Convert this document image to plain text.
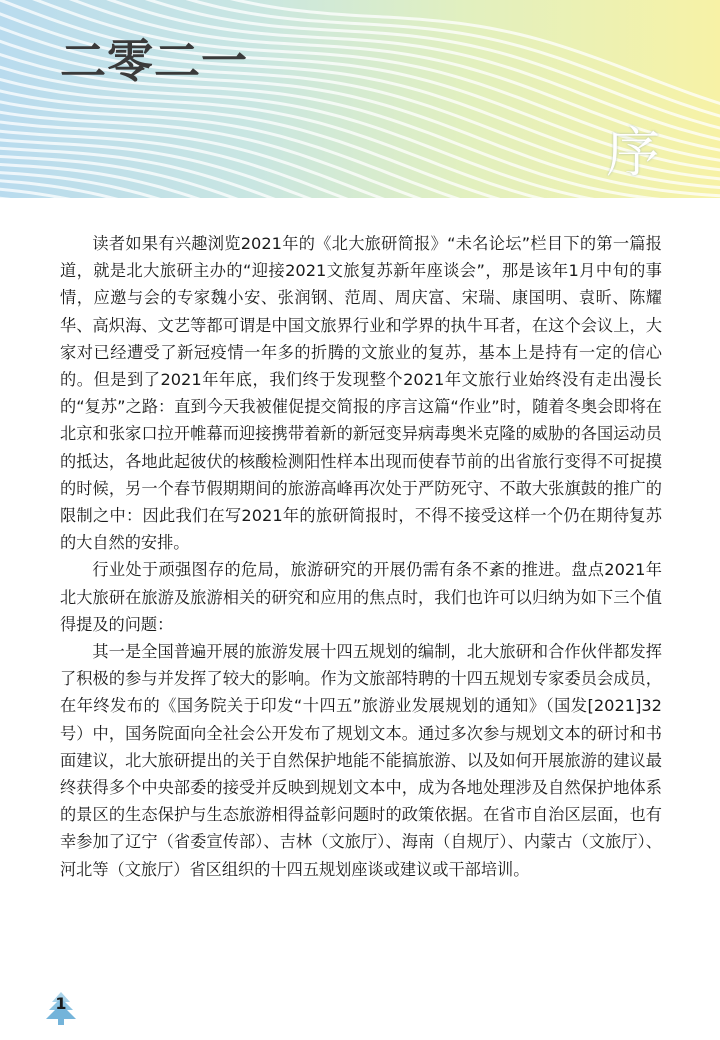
二零二一
序

读者如果有兴趣浏览2021年的《北大旅研简报》“未名论坛”栏目下的第一篇报道，就是北大旅研主办的“迎接2021文旅复苏新年座谈会”，那是该年1月中旬的事情，应邀与会的专家魏小安、张润钢、范周、周庆富、宋瑞、康国明、袁昕、陈耀华、高炽海、文艺等都可谓是中国文旅界行业和学界的执牛耳者，在这个会议上，大家对已经遭受了新冠疫情一年多的折腾的文旅业的复苏，基本上是持有一定的信心的。但是到了2021年年底，我们终于发现整个2021年文旅行业始终没有走出漫长的“复苏”之路：直到今天我被催促提交简报的序言这篇“作业”时，随着冬奥会即将在北京和张家口拉开帷幕而迎接携带着新的新冠变异病毒奥米克隆的威胁的各国运动员的抵达，各地此起彼伏的核酸检测阳性样本出现而使春节前的出省旅行变得不可捉摸的时候，另一个春节假期期间的旅游高峰再次处于严防死守、不敢大张旗鼓的推广的限制之中：因此我们在写2021年的旅研简报时，不得不接受这样一个仍在期待复苏的大自然的安排。

行业处于顽强图存的危局，旅游研究的开展仍需有条不紊的推进。盘点2021年北大旅研在旅游及旅游相关的研究和应用的焦点时，我们也许可以归纳为如下三个值得提及的问题：

其一是全国普遍开展的旅游发展十四五规划的编制，北大旅研和合作伙伴都发挥了积极的参与并发挥了较大的影响。作为文旅部特聘的十四五规划专家委员会成员，在年终发布的《国务院关于印发“十四五”旅游业发展规划的通知》（国发[2021]32号）中，国务院面向全社会公开发布了规划文本。通过多次参与规划文本的研讨和书面建议，北大旅研提出的关于自然保护地能不能搞旅游、以及如何开展旅游的建议最终获得多个中央部委的接受并反映到规划文本中，成为各地处理涉及自然保护地体系的景区的生态保护与生态旅游相得益彰问题时的政策依据。在省市自治区层面，也有幸参加了辽宁（省委宣传部）、吉林（文旅厅）、海南（自规厅）、内蒙古（文旅厅）、河北等（文旅厅）省区组织的十四五规划座谈或建议或干部培训。

1
